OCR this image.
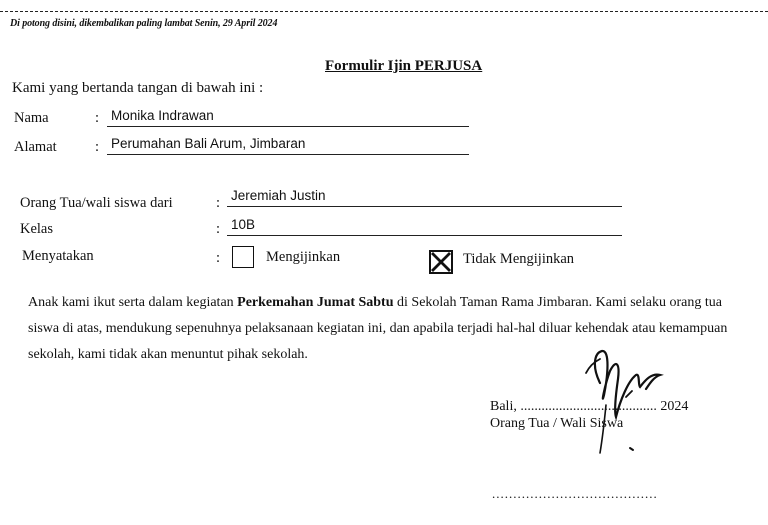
Di potong disini, dikembalikan paling lambat Senin, 29 April 2024
Formulir Ijin PERJUSA
Kami yang bertanda tangan di bawah ini :
Nama	: Monika Indrawan
Alamat	: Perumahan Bali Arum, Jimbaran
Orang Tua/wali siswa dari	: Jeremiah Justin
Kelas	: 10B
Menyatakan	:	Mengijinkan	Tidak Mengijinkan
Anak kami ikut serta dalam kegiatan Perkemahan Jumat Sabtu di Sekolah Taman Rama Jimbaran. Kami selaku orang tua siswa di atas, mendukung sepenuhnya pelaksanaan kegiatan ini, dan apabila terjadi hal-hal diluar kehendak atau kemampuan sekolah, kami tidak akan menuntut pihak sekolah.
Bali, ....................................... 2024
Orang Tua / Wali Siswa
.......................................
